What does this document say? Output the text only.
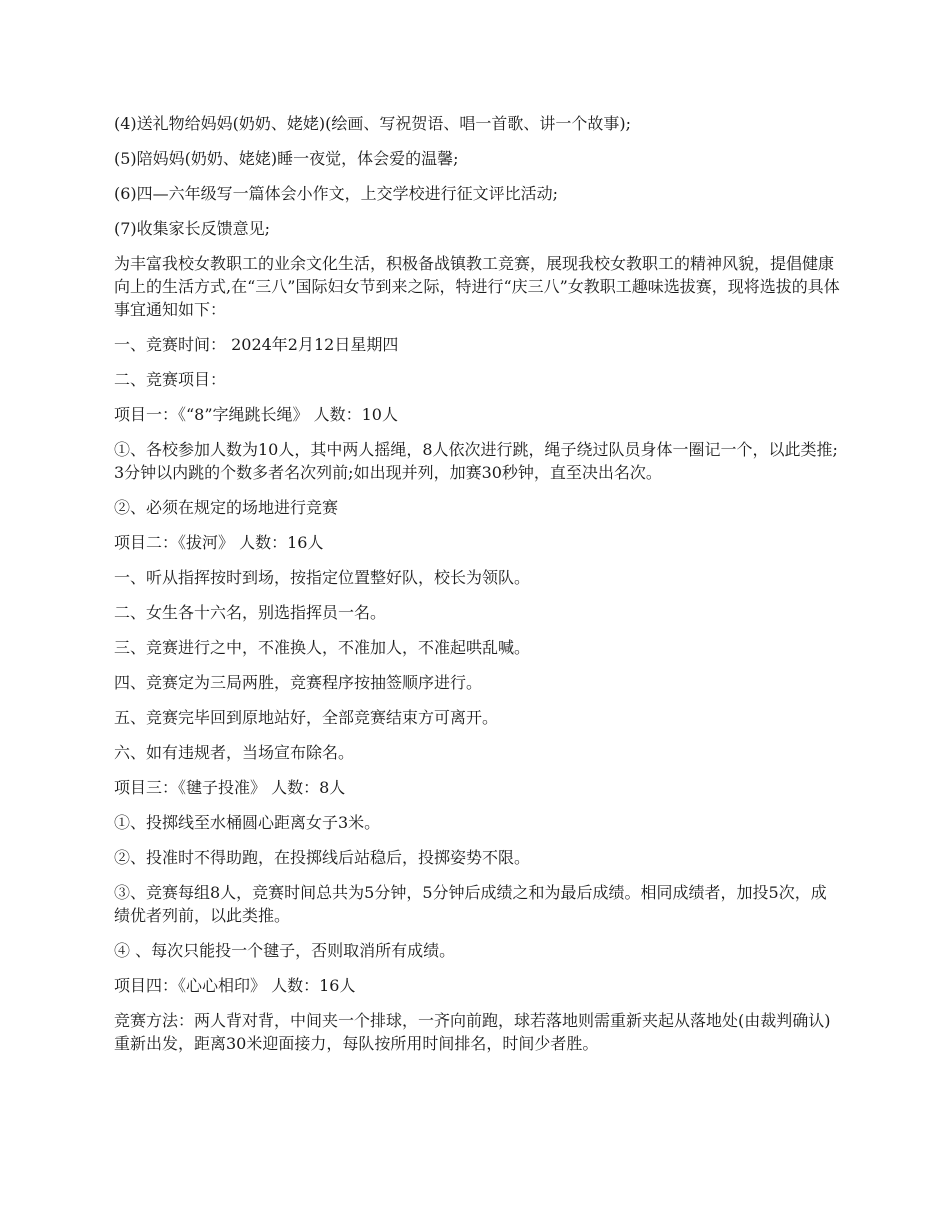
(4)送礼物给妈妈(奶奶、姥姥)(绘画、写祝贺语、唱一首歌、讲一个故事);

(5)陪妈妈(奶奶、姥姥)睡一夜觉，体会爱的温馨;

(6)四—六年级写一篇体会小作文，上交学校进行征文评比活动;

(7)收集家长反馈意见;

为丰富我校女教职工的业余文化生活，积极备战镇教工竞赛，展现我校女教职工的精神风貌，提倡健康向上的生活方式,在“三八”国际妇女节到来之际，特进行“庆三八”女教职工趣味选拔赛，现将选拔的具体事宜通知如下：

一、竞赛时间： 2024年2月12日星期四

二、竞赛项目：

项目一：《“8”字绳跳长绳》 人数：10人

①、各校参加人数为10人，其中两人摇绳，8人依次进行跳，绳子绕过队员身体一圈记一个，以此类推;3分钟以内跳的个数多者名次列前;如出现并列，加赛30秒钟，直至决出名次。

②、必须在规定的场地进行竞赛

项目二：《拔河》 人数：16人

一、听从指挥按时到场，按指定位置整好队，校长为领队。

二、女生各十六名，别选指挥员一名。

三、竞赛进行之中，不准换人，不准加人，不准起哄乱喊。

四、竞赛定为三局两胜，竞赛程序按抽签顺序进行。

五、竞赛完毕回到原地站好，全部竞赛结束方可离开。

六、如有违规者，当场宣布除名。

项目三：《毽子投准》 人数：8人

①、投掷线至水桶圆心距离女子3米。

②、投准时不得助跑，在投掷线后站稳后，投掷姿势不限。

③、竞赛每组8人，竞赛时间总共为5分钟，5分钟后成绩之和为最后成绩。相同成绩者，加投5次，成绩优者列前，以此类推。

④ 、每次只能投一个毽子，否则取消所有成绩。

项目四：《心心相印》 人数：16人

竞赛方法：两人背对背，中间夹一个排球，一齐向前跑，球若落地则需重新夹起从落地处(由裁判确认)重新出发，距离30米迎面接力，每队按所用时间排名，时间少者胜。
